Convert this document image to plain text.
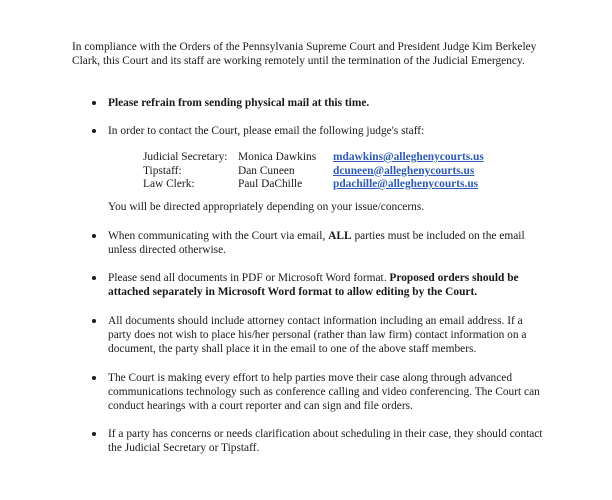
In compliance with the Orders of the Pennsylvania Supreme Court and President Judge Kim Berkeley Clark, this Court and its staff are working remotely until the termination of the Judicial Emergency.

Please refrain from sending physical mail at this time.

In order to contact the Court, please email the following judge's staff:

When communicating with the Court via email, ALL parties must be included on the email unless directed otherwise.

Please send all documents in PDF or Microsoft Word format. Proposed orders should be attached separately in Microsoft Word format to allow editing by the Court.

All documents should include attorney contact information including an email address. If a party does not wish to place his/her personal (rather than law firm) contact information on a document, the party shall place it in the email to one of the above staff members.

The Court is making every effort to help parties move their case along through advanced communications technology such as conference calling and video conferencing. The Court can conduct hearings with a court reporter and can sign and file orders.

If a party has concerns or needs clarification about scheduling in their case, they should contact the Judicial Secretary or Tipstaff.

Judicial Secretary:	Monica Dawkins	mdawkins@alleghenycourts.us
Tipstaff:	Dan Cuneen	dcuneen@alleghenycourts.us
Law Clerk:	Paul DaChille	pdachille@alleghenycourts.us

You will be directed appropriately depending on your issue/concerns.
